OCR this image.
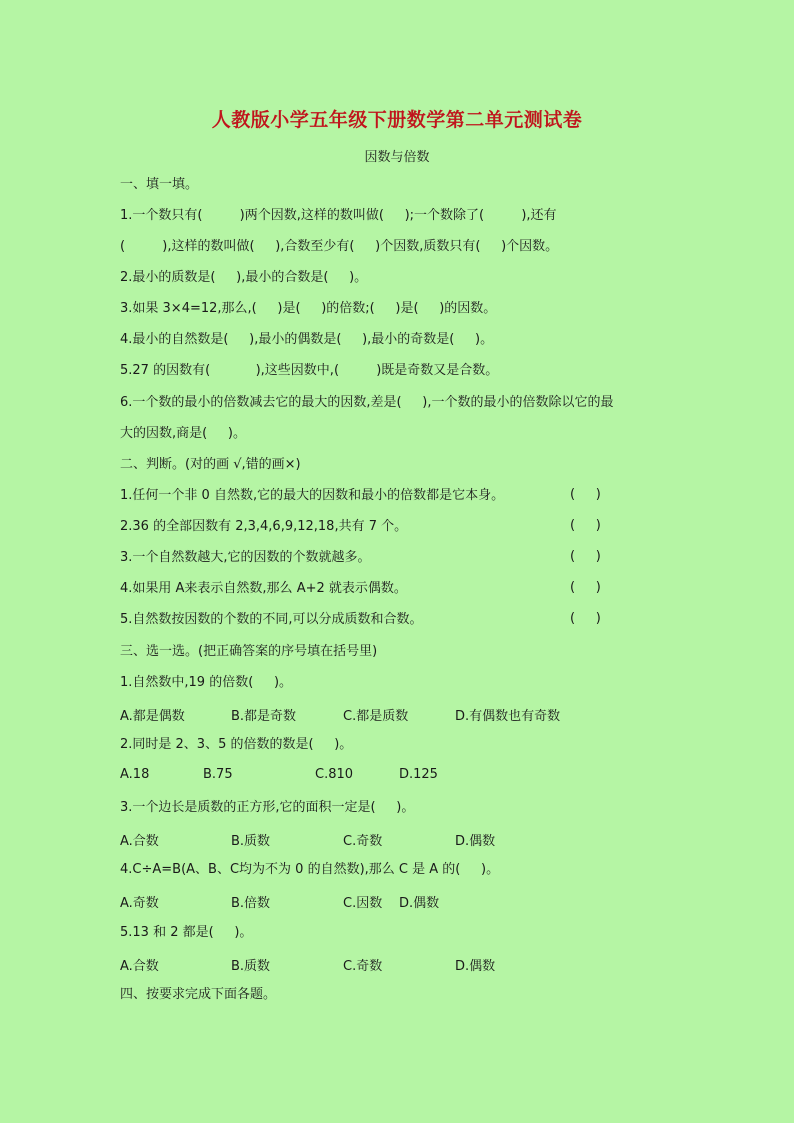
人教版小学五年级下册数学第二单元测试卷
因数与倍数
一、填一填。
1.一个数只有(         )两个因数,这样的数叫做(     );一个数除了(         ),还有
(         ),这样的数叫做(     ),合数至少有(     )个因数,质数只有(     )个因数。
2.最小的质数是(     ),最小的合数是(     )。
3.如果 3×4=12,那么,(     )是(     )的倍数;(     )是(     )的因数。
4.最小的自然数是(     ),最小的偶数是(     ),最小的奇数是(     )。
5.27 的因数有(           ),这些因数中,(         )既是奇数又是合数。
6.一个数的最小的倍数减去它的最大的因数,差是(     ),一个数的最小的倍数除以它的最
大的因数,商是(     )。
二、判断。(对的画 √,错的画×)
1.任何一个非 0 自然数,它的最大的因数和最小的倍数都是它本身。	(     )
2.36 的全部因数有 2,3,4,6,9,12,18,共有 7 个。	(     )
3.一个自然数越大,它的因数的个数就越多。	(     )
4.如果用 A来表示自然数,那么 A+2 就表示偶数。	(     )
5.自然数按因数的个数的不同,可以分成质数和合数。	(     )
三、选一选。(把正确答案的序号填在括号里)
1.自然数中,19 的倍数(     )。
A.都是偶数	B.都是奇数	C.都是质数	D.有偶数也有奇数
2.同时是 2、3、5 的倍数的数是(     )。
A.18	B.75	C.810	D.125
3.一个边长是质数的正方形,它的面积一定是(     )。
A.合数	B.质数	C.奇数	D.偶数
4.C÷A=B(A、B、C均为不为 0 的自然数),那么 C 是 A 的(     )。
A.奇数	B.倍数	C.因数 D.偶数
5.13 和 2 都是(     )。
A.合数	B.质数	C.奇数	D.偶数
四、按要求完成下面各题。
